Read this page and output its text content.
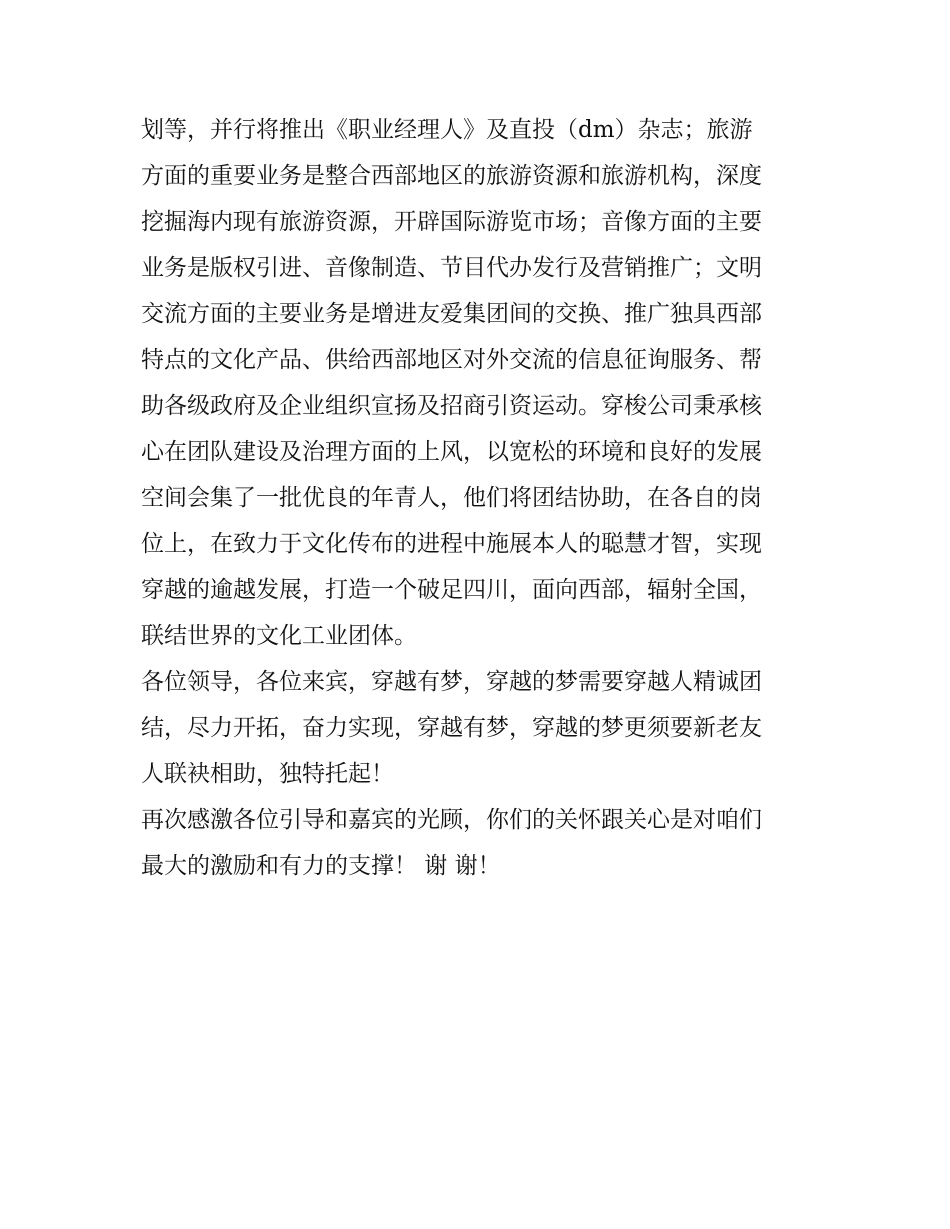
划等，并行将推出《职业经理人》及直投（dm）杂志；旅游
方面的重要业务是整合西部地区的旅游资源和旅游机构，深度
挖掘海内现有旅游资源，开辟国际游览市场；音像方面的主要
业务是版权引进、音像制造、节目代办发行及营销推广；文明
交流方面的主要业务是增进友爱集团间的交换、推广独具西部
特点的文化产品、供给西部地区对外交流的信息征询服务、帮
助各级政府及企业组织宣扬及招商引资运动。穿梭公司秉承核
心在团队建设及治理方面的上风，以宽松的环境和良好的发展
空间会集了一批优良的年青人，他们将团结协助，在各自的岗
位上，在致力于文化传布的进程中施展本人的聪慧才智，实现
穿越的逾越发展，打造一个破足四川，面向西部，辐射全国，
联结世界的文化工业团体。
各位领导，各位来宾，穿越有梦，穿越的梦需要穿越人精诚团
结，尽力开拓，奋力实现，穿越有梦，穿越的梦更须要新老友
人联袂相助，独特托起！
再次感激各位引导和嘉宾的光顾，你们的关怀跟关心是对咱们
最大的激励和有力的支撑！ 谢 谢！
